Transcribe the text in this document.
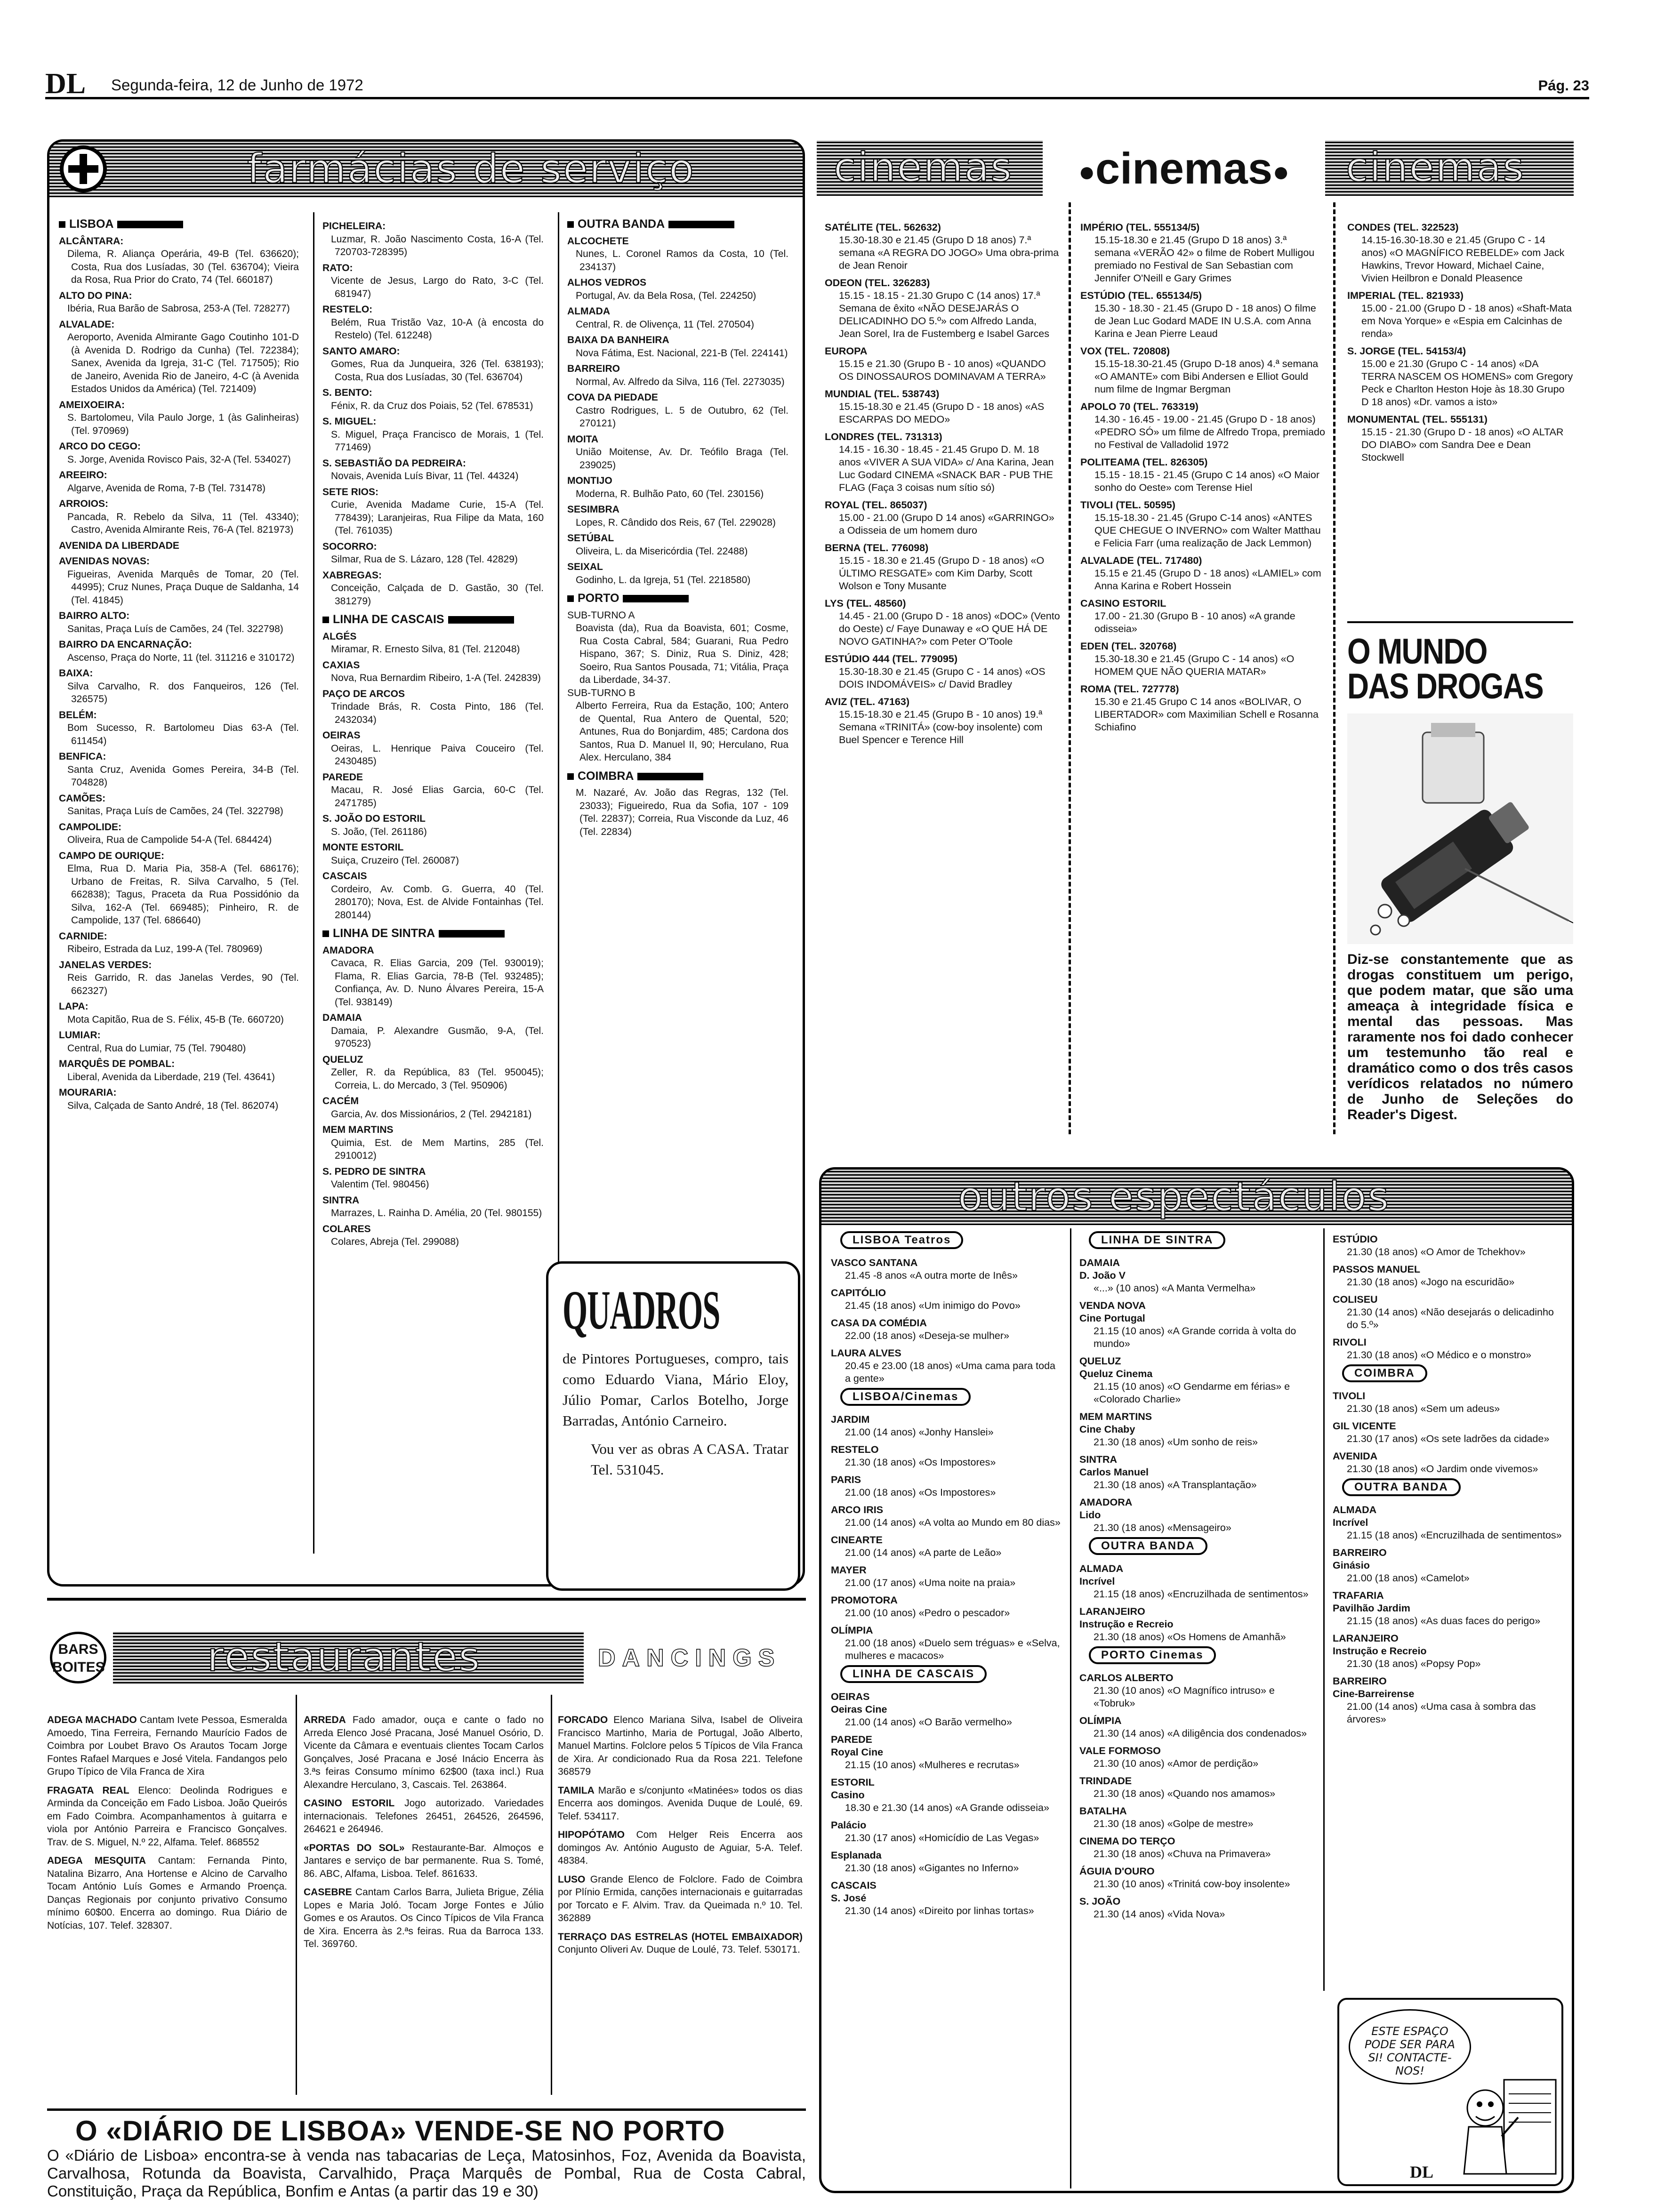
DL Segunda-feira, 12 de Junho de 1972	Pág. 23
farmácias de serviço
LISBOA
ALCÂNTARA:
Dilema, R. Aliança Operária, 49-B (Tel. 636620); Costa, Rua dos Lusíadas, 30 (Tel. 636704); Vieira da Rosa, Rua Prior do Crato, 74 (Tel. 660187)
ALTO DO PINA:
Ibéria, Rua Barão de Sabrosa, 253-A (Tel. 728277)
ALVALADE:
Aeroporto, Avenida Almirante Gago Coutinho 101-D (à Avenida D. Rodrigo da Cunha) (Tel. 722384); Sanex, Avenida da Igreja, 31-C (Tel. 717505); Rio de Janeiro, Avenida Rio de Janeiro, 4-C (à Avenida Estados Unidos da América) (Tel. 721409)
AMEIXOEIRA:
S. Bartolomeu, Vila Paulo Jorge, 1 (às Galinheiras) (Tel. 970969)
ARCO DO CEGO:
S. Jorge, Avenida Rovisco Pais, 32-A (Tel. 534027)
AREEIRO:
Algarve, Avenida de Roma, 7-B (Tel. 731478)
ARROIOS:
Pancada, R. Rebelo da Silva, 11 (Tel. 43340); Castro, Avenida Almirante Reis, 76-A (Tel. 821973)
AVENIDA DA LIBERDADE
AVENIDAS NOVAS:
Figueiras, Avenida Marquês de Tomar, 20 (Tel. 44995); Cruz Nunes, Praça Duque de Saldanha, 14 (Tel. 41845)
BAIRRO ALTO:
Sanitas, Praça Luís de Camões, 24 (Tel. 322798)
BAIRRO DA ENCARNAÇÃO:
Ascenso, Praça do Norte, 11 (tel. 311216 e 310172)
BAIXA:
Silva Carvalho, R. dos Fanqueiros, 126 (Tel. 326575)
BELÉM:
Bom Sucesso, R. Bartolomeu Dias 63-A (Tel. 611454)
BENFICA:
Santa Cruz, Avenida Gomes Pereira, 34-B (Tel. 704828)
CAMÕES:
Sanitas, Praça Luís de Camões, 24 (Tel. 322798)
CAMPOLIDE:
Oliveira, Rua de Campolide 54-A (Tel. 684424)
CAMPO DE OURIQUE:
Elma, Rua D. Maria Pia, 358-A (Tel. 686176); Urbano de Freitas, R. Silva Carvalho, 5 (Tel. 662838); Tagus, Praceta da Rua Possidónio da Silva, 162-A (Tel. 669485); Pinheiro, R. de Campolide, 137 (Tel. 686640)
CARNIDE:
Ribeiro, Estrada da Luz, 199-A (Tel. 780969)
JANELAS VERDES:
Reis Garrido, R. das Janelas Verdes, 90 (Tel. 662327)
LAPA:
Mota Capitão, Rua de S. Félix, 45-B (Te. 660720)
LUMIAR:
Central, Rua do Lumiar, 75 (Tel. 790480)
MARQUÊS DE POMBAL:
Liberal, Avenida da Liberdade, 219 (Tel. 43641)
MOURARIA:
Silva, Calçada de Santo André, 18 (Tel. 862074)
PICHELEIRA:
Luzmar, R. João Nascimento Costa, 16-A (Tel. 720703-728395)
RATO:
Vicente de Jesus, Largo do Rato, 3-C (Tel. 681947)
RESTELO:
Belém, Rua Tristão Vaz, 10-A (à encosta do Restelo) (Tel. 612248)
SANTO AMARO:
Gomes, Rua da Junqueira, 326 (Tel. 638193); Costa, Rua dos Lusíadas, 30 (Tel. 636704)
S. BENTO:
Fénix, R. da Cruz dos Poiais, 52 (Tel. 678531)
S. MIGUEL:
S. Miguel, Praça Francisco de Morais, 1 (Tel. 771469)
S. SEBASTIÃO DA PEDREIRA:
Novais, Avenida Luís Bivar, 11 (Tel. 44324)
SETE RIOS:
Curie, Avenida Madame Curie, 15-A (Tel. 778439); Laranjeiras, Rua Filipe da Mata, 160 (Tel. 761035)
SOCORRO:
Silmar, Rua de S. Lázaro, 128 (Tel. 42829)
XABREGAS:
Conceição, Calçada de D. Gastão, 30 (Tel. 381279)
LINHA DE CASCAIS
ALGÉS
Miramar, R. Ernesto Silva, 81 (Tel. 212048)
CAXIAS
Nova, Rua Bernardim Ribeiro, 1-A (Tel. 242839)
PAÇO DE ARCOS
Trindade Brás, R. Costa Pinto, 186 (Tel. 2432034)
OEIRAS
Oeiras, L. Henrique Paiva Couceiro (Tel. 2430485)
PAREDE
Macau, R. José Elias Garcia, 60-C (Tel. 2471785)
S. JOÃO DO ESTORIL
S. João, (Tel. 261186)
MONTE ESTORIL
Suiça, Cruzeiro (Tel. 260087)
CASCAIS
Cordeiro, Av. Comb. G. Guerra, 40 (Tel. 280170); Nova, Est. de Alvide Fontainhas (Tel. 280144)
LINHA DE SINTRA
AMADORA
Cavaca, R. Elias Garcia, 209 (Tel. 930019); Flama, R. Elias Garcia, 78-B (Tel. 932485); Confiança, Av. D. Nuno Álvares Pereira, 15-A (Tel. 938149)
DAMAIA
Damaia, P. Alexandre Gusmão, 9-A, (Tel. 970523)
QUELUZ
Zeller, R. da República, 83 (Tel. 950045); Correia, L. do Mercado, 3 (Tel. 950906)
CACÉM
Garcia, Av. dos Missionários, 2 (Tel. 2942181)
MEM MARTINS
Quimia, Est. de Mem Martins, 285 (Tel. 2910012)
S. PEDRO DE SINTRA
Valentim (Tel. 980456)
SINTRA
Marrazes, L. Rainha D. Amélia, 20 (Tel. 980155)
COLARES
Colares, Abreja (Tel. 299088)
OUTRA BANDA
ALCOCHETE
Nunes, L. Coronel Ramos da Costa, 10 (Tel. 234137)
ALHOS VEDROS
Portugal, Av. da Bela Rosa, (Tel. 224250)
ALMADA
Central, R. de Olivença, 11 (Tel. 270504)
BAIXA DA BANHEIRA
Nova Fátima, Est. Nacional, 221-B (Tel. 224141)
BARREIRO
Normal, Av. Alfredo da Silva, 116 (Tel. 2273035)
COVA DA PIEDADE
Castro Rodrigues, L. 5 de Outubro, 62 (Tel. 270121)
MOITA
União Moitense, Av. Dr. Teófilo Braga (Tel. 239025)
MONTIJO
Moderna, R. Bulhão Pato, 60 (Tel. 230156)
SESIMBRA
Lopes, R. Cândido dos Reis, 67 (Tel. 229028)
SETÚBAL
Oliveira, L. da Misericórdia (Tel. 22488)
SEIXAL
Godinho, L. da Igreja, 51 (Tel. 2218580)
PORTO
SUB-TURNO A
Boavista (da), Rua da Boavista, 601; Cosme, Rua Costa Cabral, 584; Guarani, Rua Pedro Hispano, 367; S. Diniz, Rua S. Diniz, 428; Soeiro, Rua Santos Pousada, 71; Vitália, Praça da Liberdade, 34-37.
SUB-TURNO B
Alberto Ferreira, Rua da Estação, 100; Antero de Quental, Rua Antero de Quental, 520; Antunes, Rua do Bonjardim, 485; Cardona dos Santos, Rua D. Manuel II, 90; Herculano, Rua Alex. Herculano, 384
COIMBRA
M. Nazaré, Av. João das Regras, 132 (Tel. 23033); Figueiredo, Rua da Sofia, 107 - 109 (Tel. 22837); Correia, Rua Visconde da Luz, 46 (Tel. 22834)
QUADROS
de Pintores Portugueses, compro, tais como Eduardo Viana, Mário Eloy, Júlio Pomar, Carlos Botelho, Jorge Barradas, António Carneiro.
Vou ver as obras A CASA. Tratar Tel. 531045.
cinemas	●cinemas●	cinemas
SATÉLITE (TEL. 562632)
15.30-18.30 e 21.45 (Grupo D 18 anos) 7.ª semana «A REGRA DO JOGO» Uma obra-prima de Jean Renoir
ODEON (TEL. 326283)
15.15 - 18.15 - 21.30 Grupo C (14 anos) 17.ª Semana de êxito «NÃO DESEJARÁS O DELICADINHO DO 5.º» com Alfredo Landa, Jean Sorel, Ira de Fustemberg e Isabel Garces
EUROPA
15.15 e 21.30 (Grupo B - 10 anos) «QUANDO OS DINOSSAUROS DOMINAVAM A TERRA»
MUNDIAL (TEL. 538743)
15.15-18.30 e 21.45 (Grupo D - 18 anos) «AS ESCARPAS DO MEDO»
LONDRES (TEL. 731313)
14.15 - 16.30 - 18.45 - 21.45 Grupo D. M. 18 anos «VIVER A SUA VIDA» c/ Ana Karina, Jean Luc Godard CINEMA «SNACK BAR - PUB THE FLAG (Faça 3 coisas num sítio só)
ROYAL (TEL. 865037)
15.00 - 21.00 (Grupo D 14 anos) «GARRINGO» a Odisseia de um homem duro
BERNA (TEL. 776098)
15.15 - 18.30 e 21.45 (Grupo D - 18 anos) «O ÚLTIMO RESGATE» com Kim Darby, Scott Wolson e Tony Musante
LYS (TEL. 48560)
14.45 - 21.00 (Grupo D - 18 anos) «DOC» (Vento do Oeste) c/ Faye Dunaway e «O QUE HÁ DE NOVO GATINHA?» com Peter O'Toole
ESTÚDIO 444 (TEL. 779095)
15.30-18.30 e 21.45 (Grupo C - 14 anos) «OS DOIS INDOMÁVEIS» c/ David Bradley
AVIZ (TEL. 47163)
15.15-18.30 e 21.45 (Grupo B - 10 anos) 19.ª Semana «TRINITÁ» (cow-boy insolente) com Buel Spencer e Terence Hill
IMPÉRIO (TEL. 555134/5)
15.15-18.30 e 21.45 (Grupo D 18 anos) 3.ª semana «VERÃO 42» o filme de Robert Mulligou premiado no Festival de San Sebastian com Jennifer O'Neill e Gary Grimes
ESTÚDIO (TEL. 655134/5)
15.30 - 18.30 - 21.45 (Grupo D - 18 anos) O filme de Jean Luc Godard MADE IN U.S.A. com Anna Karina e Jean Pierre Leaud
VOX (TEL. 720808)
15.15-18.30-21.45 (Grupo D-18 anos) 4.ª semana «O AMANTE» com Bibi Andersen e Elliot Gould num filme de Ingmar Bergman
APOLO 70 (TEL. 763319)
14.30 - 16.45 - 19.00 - 21.45 (Grupo D - 18 anos) «PEDRO SÓ» um filme de Alfredo Tropa, premiado no Festival de Valladolid 1972
POLITEAMA (TEL. 826305)
15.15 - 18.15 - 21.45 (Grupo C 14 anos) «O Maior sonho do Oeste» com Terense Hiel
TIVOLI (TEL. 50595)
15.15-18.30 - 21.45 (Grupo C-14 anos) «ANTES QUE CHEGUE O INVERNO» com Walter Matthau e Felicia Farr (uma realização de Jack Lemmon)
ALVALADE (TEL. 717480)
15.15 e 21.45 (Grupo D - 18 anos) «LAMIEL» com Anna Karina e Robert Hossein
CASINO ESTORIL
17.00 - 21.30 (Grupo B - 10 anos) «A grande odisseia»
EDEN (TEL. 320768)
15.30-18.30 e 21.45 (Grupo C - 14 anos) «O HOMEM QUE NÃO QUERIA MATAR»
ROMA (TEL. 727778)
15.30 e 21.45 Grupo C 14 anos «BOLIVAR, O LIBERTADOR» com Maximilian Schell e Rosanna Schiafino
CONDES (TEL. 322523)
14.15-16.30-18.30 e 21.45 (Grupo C - 14 anos) «O MAGNÍFICO REBELDE» com Jack Hawkins, Trevor Howard, Michael Caine, Vivien Heilbron e Donald Pleasence
IMPERIAL (TEL. 821933)
15.00 - 21.00 (Grupo D - 18 anos) «Shaft-Mata em Nova Yorque» e «Espia em Calcinhas de renda»
S. JORGE (TEL. 54153/4)
15.00 e 21.30 (Grupo C - 14 anos) «DA TERRA NASCEM OS HOMENS» com Gregory Peck e Charlton Heston Hoje às 18.30 Grupo D 18 anos) «Dr. vamos a isto»
MONUMENTAL (TEL. 555131)
15.15 - 21.30 (Grupo D - 18 anos) «O ALTAR DO DIABO» com Sandra Dee e Dean Stockwell
O MUNDO
DAS DROGAS
Diz-se constantemente que as drogas constituem um perigo, que podem matar, que são uma ameaça à integridade física e mental das pessoas. Mas raramente nos foi dado conhecer um testemunho tão real e dramático como o dos três casos verídicos relatados no número de Junho de Seleções do Reader's Digest.
outros espectáculos
LISBOA Teatros
VASCO SANTANA
21.45 -8 anos «A outra morte de Inês»
CAPITÓLIO
21.45 (18 anos) «Um inimigo do Povo»
CASA DA COMÉDIA
22.00 (18 anos) «Deseja-se mulher»
LAURA ALVES
20.45 e 23.00 (18 anos) «Uma cama para toda a gente»
LISBOA/Cinemas
JARDIM
21.00 (14 anos) «Jonhy Hanslei»
RESTELO
21.30 (18 anos) «Os Impostores»
PARIS
21.00 (18 anos) «Os Impostores»
ARCO IRIS
21.00 (14 anos) «A volta ao Mundo em 80 dias»
CINEARTE
21.00 (14 anos) «A parte de Leão»
MAYER
21.00 (17 anos) «Uma noite na praia»
PROMOTORA
21.00 (10 anos) «Pedro o pescador»
OLÍMPIA
21.00 (18 anos) «Duelo sem tréguas» e «Selva, mulheres e macacos»
LINHA DE CASCAIS
OEIRAS
Oeiras Cine
21.00 (14 anos) «O Barão vermelho»
PAREDE
Royal Cine
21.15 (10 anos) «Mulheres e recrutas»
ESTORIL
Casino
18.30 e 21.30 (14 anos) «A Grande odisseia»
Palácio
21.30 (17 anos) «Homicídio de Las Vegas»
Esplanada
21.30 (18 anos) «Gigantes no Inferno»
CASCAIS
S. José
21.30 (14 anos) «Direito por linhas tortas»
LINHA DE SINTRA
DAMAIA
D. João V
«...» (10 anos) «A Manta Vermelha»
VENDA NOVA
Cine Portugal
21.15 (10 anos) «A Grande corrida à volta do mundo»
QUELUZ
Queluz Cinema
21.15 (10 anos) «O Gendarme em férias» e «Colorado Charlie»
MEM MARTINS
Cine Chaby
21.30 (18 anos) «Um sonho de reis»
SINTRA
Carlos Manuel
21.30 (18 anos) «A Transplantação»
AMADORA
Lido
21.30 (18 anos) «Mensageiro»
OUTRA BANDA
ALMADA
Incrível
21.15 (18 anos) «Encruzilhada de sentimentos»
LARANJEIRO
Instrução e Recreio
21.30 (18 anos) «Os Homens de Amanhã»
PORTO Cinemas
CARLOS ALBERTO
21.30 (10 anos) «O Magnífico intruso» e «Tobruk»
OLÍMPIA
21.30 (14 anos) «A diligência dos condenados»
VALE FORMOSO
21.30 (10 anos) «Amor de perdição»
TRINDADE
21.30 (18 anos) «Quando nos amamos»
BATALHA
21.30 (18 anos) «Golpe de mestre»
CINEMA DO TERÇO
21.30 (18 anos) «Chuva na Primavera»
ÁGUIA D'OURO
21.30 (10 anos) «Trinitá cow-boy insolente»
S. JOÃO
21.30 (14 anos) «Vida Nova»
ESTÚDIO
21.30 (18 anos) «O Amor de Tchekhov»
PASSOS MANUEL
21.30 (18 anos) «Jogo na escuridão»
COLISEU
21.30 (14 anos) «Não desejarás o delicadinho do 5.º»
RIVOLI
21.30 (18 anos) «O Médico e o monstro»
COIMBRA
TIVOLI
21.30 (18 anos) «Sem um adeus»
GIL VICENTE
21.30 (17 anos) «Os sete ladrões da cidade»
AVENIDA
21.30 (18 anos) «O Jardim onde vivemos»
OUTRA BANDA
ALMADA
Incrível
21.15 (18 anos) «Encruzilhada de sentimentos»
BARREIRO
Ginásio
21.00 (18 anos) «Camelot»
TRAFARIA
Pavilhão Jardim
21.15 (18 anos) «As duas faces do perigo»
LARANJEIRO
Instrução e Recreio
21.30 (18 anos) «Popsy Pop»
BARREIRO
Cine-Barreirense
21.00 (14 anos) «Uma casa à sombra das árvores»
ESTE ESPAÇO PODE SER PARA SI! CONTACTE-NOS!
DL
BARS
BOITES	restaurantes	DANCINGS

ADEGA MACHADO Cantam Ivete Pessoa, Esmeralda Amoedo, Tina Ferreira, Fernando Maurício Fados de Coimbra por Loubet Bravo Os Arautos Tocam Jorge Fontes Rafael Marques e José Vitela. Fandangos pelo Grupo Típico de Vila Franca de Xira

FRAGATA REAL Elenco: Deolinda Rodrigues e Arminda da Conceição em Fado Lisboa. João Queirós em Fado Coimbra. Acompanhamentos à guitarra e viola por António Parreira e Francisco Gonçalves. Trav. de S. Miguel, N.º 22, Alfama. Telef. 868552

ADEGA MESQUITA Cantam: Fernanda Pinto, Natalina Bizarro, Ana Hortense e Alcino de Carvalho Tocam António Luís Gomes e Armando Proença. Danças Regionais por conjunto privativo Consumo mínimo 60$00. Encerra ao domingo. Rua Diário de Notícias, 107. Telef. 328307.

ARREDA Fado amador, ouça e cante o fado no Arreda Elenco José Pracana, José Manuel Osório, D. Vicente da Câmara e eventuais clientes Tocam Carlos Gonçalves, José Pracana e José Inácio Encerra às 3.ªs feiras Consumo mínimo 62$00 (taxa incl.) Rua Alexandre Herculano, 3, Cascais. Tel. 263864.

CASINO ESTORIL Jogo autorizado. Variedades internacionais. Telefones 26451, 264526, 264596, 264621 e 264946.

«PORTAS DO SOL» Restaurante-Bar. Almoços e Jantares e serviço de bar permanente. Rua S. Tomé, 86. ABC, Alfama, Lisboa. Telef. 861633.

CASEBRE Cantam Carlos Barra, Julieta Brigue, Zélia Lopes e Maria Joló. Tocam Jorge Fontes e Júlio Gomes e os Arautos. Os Cinco Típicos de Vila Franca de Xira. Encerra às 2.ªs feiras. Rua da Barroca 133. Tel. 369760.

FORCADO Elenco Mariana Silva, Isabel de Oliveira Francisco Martinho, Maria de Portugal, João Alberto, Manuel Martins. Folclore pelos 5 Típicos de Vila Franca de Xira. Ar condicionado Rua da Rosa 221. Telefone 368579

TAMILA Marão e s/conjunto «Matinées» todos os dias Encerra aos domingos. Avenida Duque de Loulé, 69. Telef. 534117.

HIPOPÓTAMO Com Helger Reis Encerra aos domingos Av. António Augusto de Aguiar, 5-A. Telef. 48384.

LUSO Grande Elenco de Folclore. Fado de Coimbra por Plínio Ermida, canções internacionais e guitarradas por Torcato e F. Alvim. Trav. da Queimada n.º 10. Tel. 362889

TERRAÇO DAS ESTRELAS (HOTEL EMBAIXADOR) Conjunto Oliveri Av. Duque de Loulé, 73. Telef. 530171.

O «DIÁRIO DE LISBOA» VENDE-SE NO PORTO
O «Diário de Lisboa» encontra-se à venda nas tabacarias de Leça, Matosinhos, Foz, Avenida da Boavista, Carvalhosa, Rotunda da Boavista, Carvalhido, Praça Marquês de Pombal, Rua de Costa Cabral, Constituição, Praça da República, Bonfim e Antas (a partir das 19 e 30)
